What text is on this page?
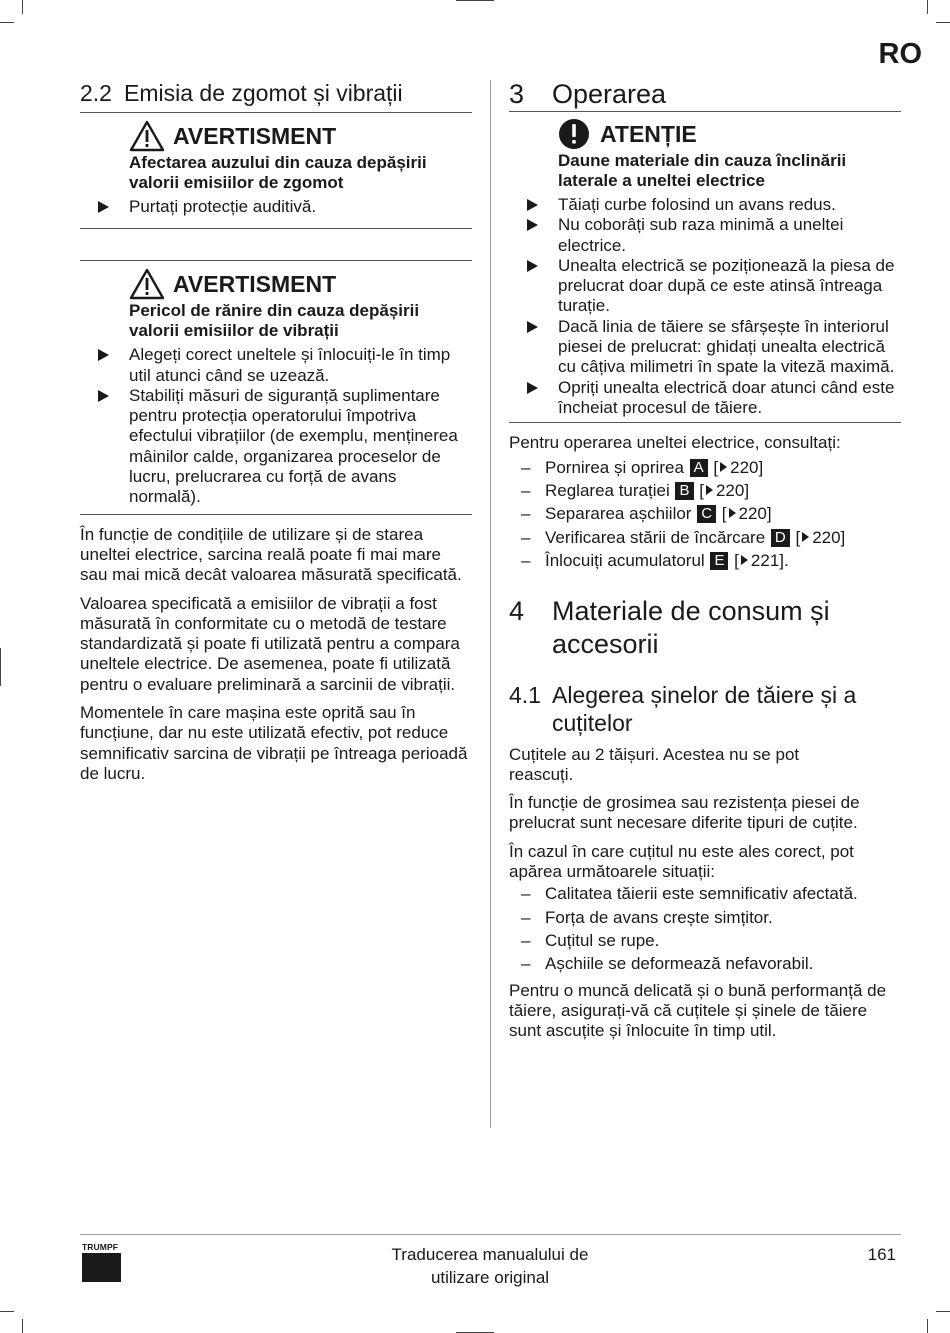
RO
2.2 Emisia de zgomot și vibrații
AVERTISMENT
Afectarea auzului din cauza depășirii valorii emisiilor de zgomot
Purtați protecție auditivă.
AVERTISMENT
Pericol de rănire din cauza depășirii valorii emisiilor de vibrații
Alegeți corect uneltele și înlocuiți-le în timp util atunci când se uzează.
Stabiliți măsuri de siguranță suplimentare pentru protecția operatorului împotriva efectului vibrațiilor (de exemplu, menținerea mâinilor calde, organizarea proceselor de lucru, prelucrarea cu forță de avans normală).

În funcție de condițiile de utilizare și de starea uneltei electrice, sarcina reală poate fi mai mare sau mai mică decât valoarea măsurată specificată.

Valoarea specificată a emisiilor de vibrații a fost măsurată în conformitate cu o metodă de testare standardizată și poate fi utilizată pentru a compara uneltele electrice. De asemenea, poate fi utilizată pentru o evaluare preliminară a sarcinii de vibrații.

Momentele în care mașina este oprită sau în funcțiune, dar nu este utilizată efectiv, pot reduce semnificativ sarcina de vibrații pe întreaga perioadă de lucru.

3	Operarea
ATENȚIE
Daune materiale din cauza înclinării laterale a uneltei electrice
Tăiați curbe folosind un avans redus.
Nu coborâți sub raza minimă a uneltei electrice.
Unealta electrică se poziționează la piesa de prelucrat doar după ce este atinsă întreaga turație.
Dacă linia de tăiere se sfârșește în interiorul piesei de prelucrat: ghidați unealta electrică cu câțiva milimetri în spate la viteză maximă.
Opriți unealta electrică doar atunci când este încheiat procesul de tăiere.

Pentru operarea uneltei electrice, consultați:

– Pornirea și oprirea A [ 220]
– Reglarea turației B [ 220]
– Separarea așchiilor C [ 220]
– Verificarea stării de încărcare D [ 220]
– Înlocuiți acumulatorul E [ 221].
4	Materiale de consum și accesorii
4.1 Alegerea șinelor de tăiere și a cuțitelor

Cuțitele au 2 tăișuri. Acestea nu se pot reascuți.

În funcție de grosimea sau rezistența piesei de prelucrat sunt necesare diferite tipuri de cuțite.

În cazul în care cuțitul nu este ales corect, pot apărea următoarele situații:

– Calitatea tăierii este semnificativ afectată.
– Forța de avans crește simțitor.
– Cuțitul se rupe.
– Așchiile se deformează nefavorabil.

Pentru o muncă delicată și o bună performanță de tăiere, asigurați-vă că cuțitele și șinele de tăiere sunt ascuțite și înlocuite în timp util.

TRUMPF	Traducerea manualului de
utilizare original
161
